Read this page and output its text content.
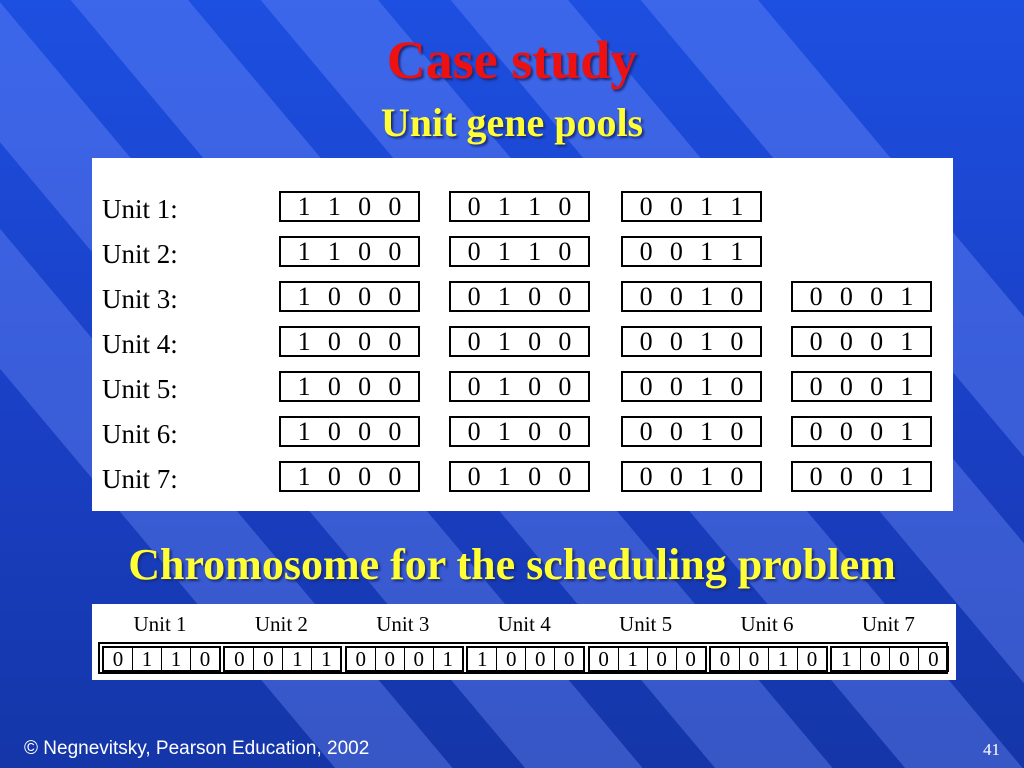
Case study
Unit gene pools
Unit 1:	1 1 0 0	0 1 1 0	0 0 1 1
Unit 2:	1 1 0 0	0 1 1 0	0 0 1 1
Unit 3:	1 0 0 0	0 1 0 0	0 0 1 0	0 0 0 1
Unit 4:	1 0 0 0	0 1 0 0	0 0 1 0	0 0 0 1
Unit 5:	1 0 0 0	0 1 0 0	0 0 1 0	0 0 0 1
Unit 6:	1 0 0 0	0 1 0 0	0 0 1 0	0 0 0 1
Unit 7:	1 0 0 0	0 1 0 0	0 0 1 0	0 0 0 1
Chromosome for the scheduling problem
0 1 1 0	0 0 1 1	0 0 0 1	1 0 0 0	0 1 0 0	0 0 1 0	1 0 0 0
Unit 1	Unit 2	Unit 3	Unit 4	Unit 5	Unit 6	Unit 7
© Negnevitsky, Pearson Education, 2002	41
